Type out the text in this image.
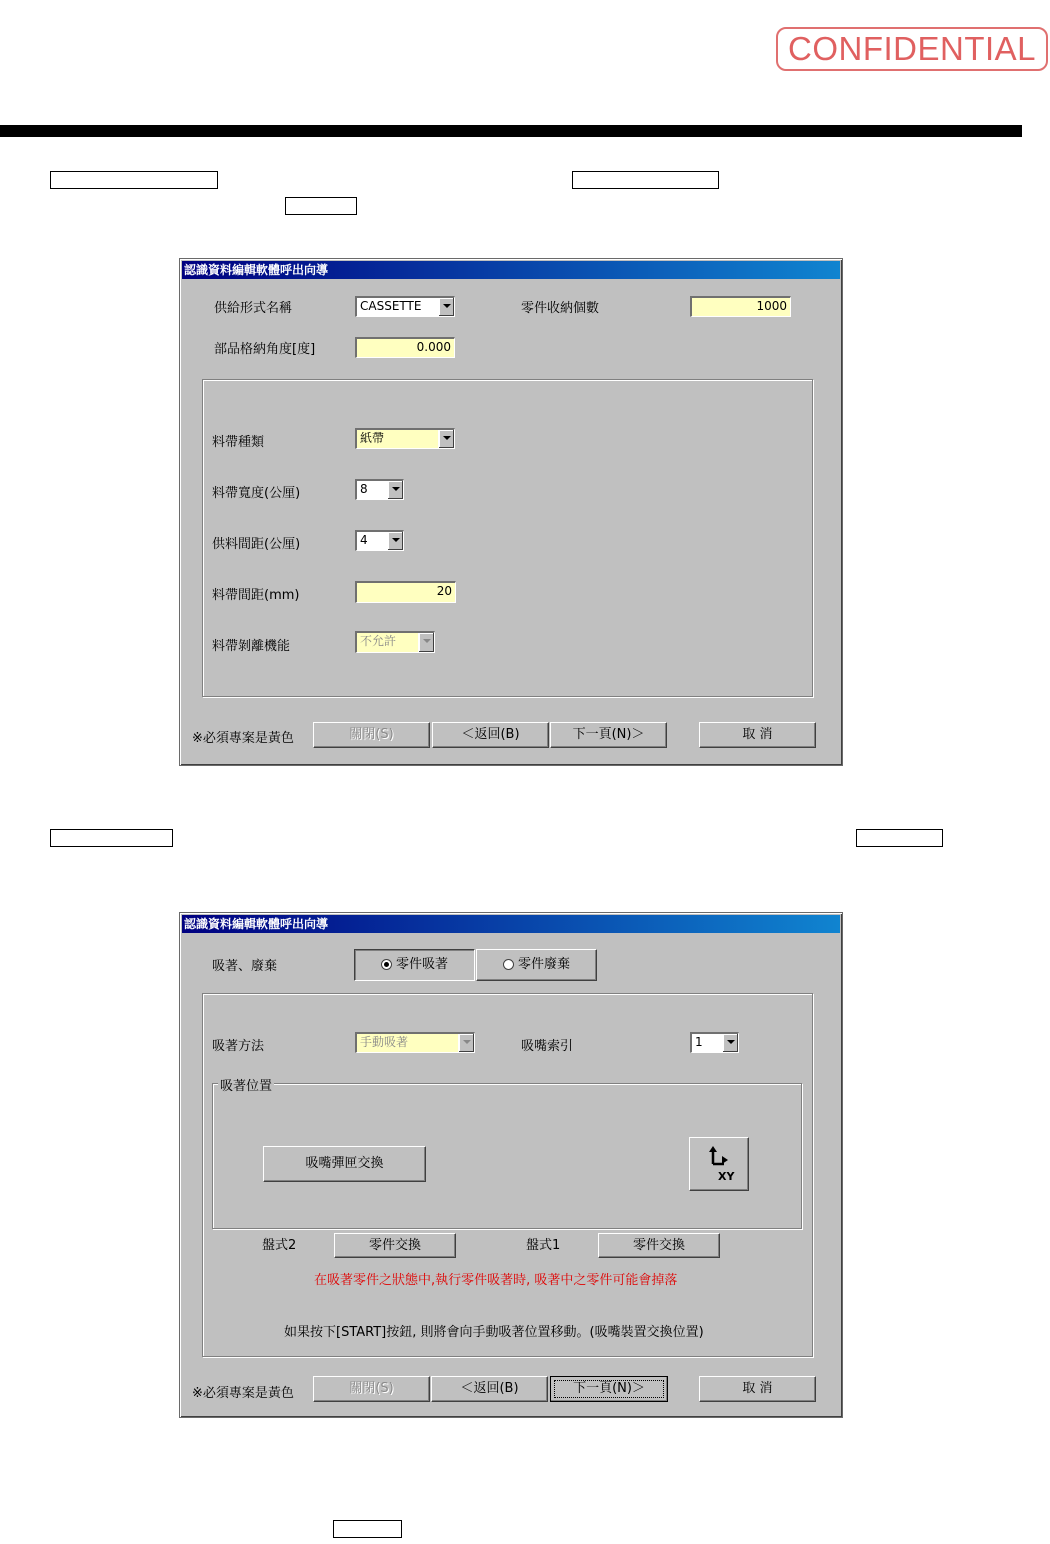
CONFIDENTIAL
認識資料編輯軟體呼出向導
供給形式名稱	CASSETTE	零件收納個數	1000
部品格納角度[度]	0.000
料帶種類	紙帶
料帶寬度(公厘)	8
供料間距(公厘)	4
料帶間距(mm)	20
料帶剝離機能	不允許
※必須專案是黃色	關閉(S)	＜返回(B)	下一頁(N)＞	取 消
認識資料編輯軟體呼出向導
吸著、廢棄	零件吸著	零件廢棄
吸著方法	手動吸著	吸嘴索引	1
吸著位置
吸嘴彈匣交換
XY
盤式2	零件交換	盤式1	零件交換
在吸著零件之狀態中,執行零件吸著時, 吸著中之零件可能會掉落
如果按下[START]按鈕, 則將會向手動吸著位置移動。(吸嘴裝置交換位置)
※必須專案是黃色	關閉(S)	＜返回(B)	下一頁(N)＞	取 消
